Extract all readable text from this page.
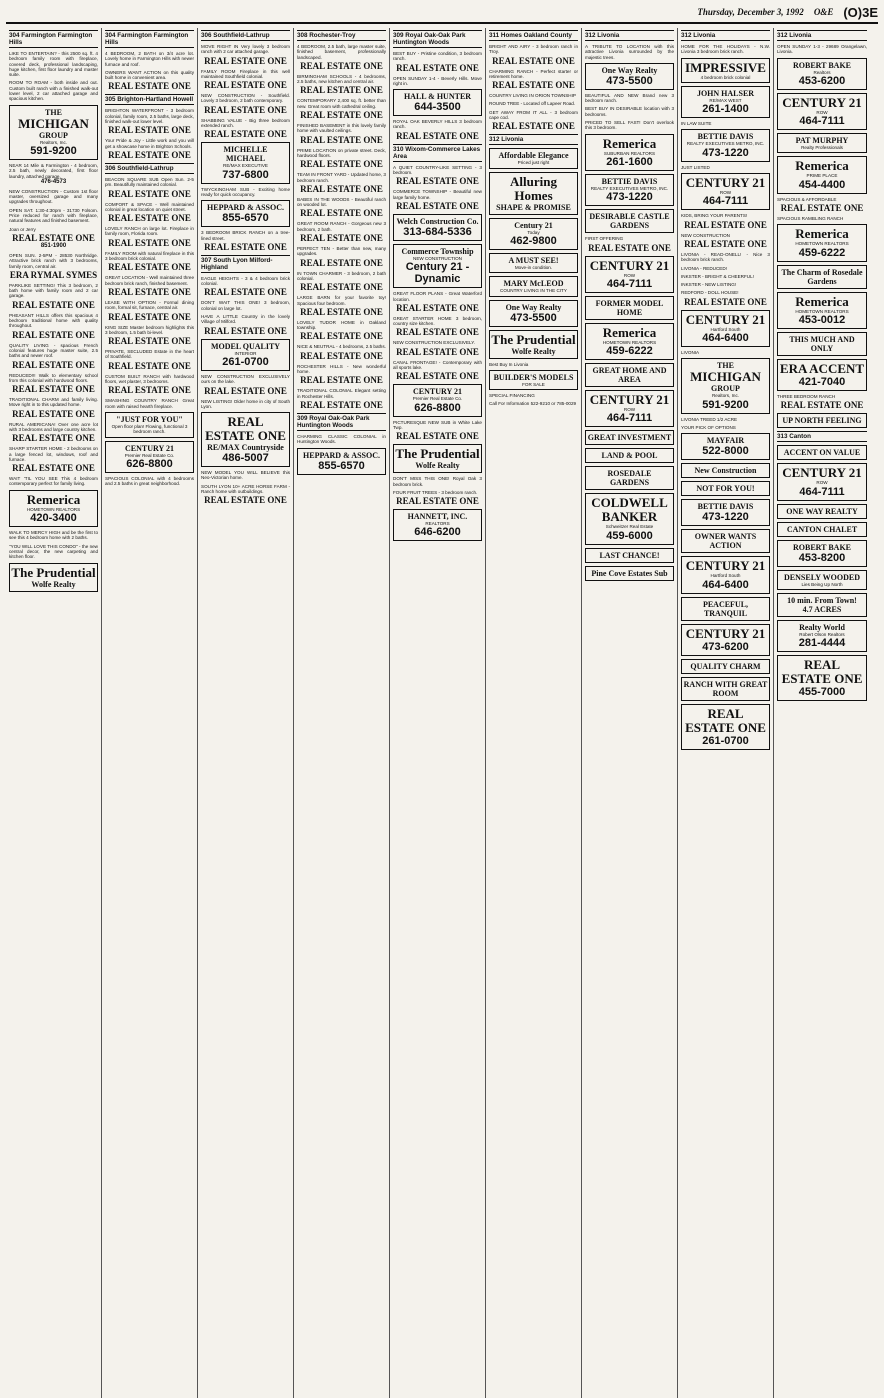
Thursday, December 3, 1992 O&E (O)3E
304 Farmington Farmington Hills
LIKE TO ENTERTAIN? - this 2500 sq. ft. 4 bedroom family room with fireplace, covered deck, professional landscaping, huge kitchen, first floor laundry and master suite.
ROOM TO ROAM - both inside and out. Custom built ranch with a finished walk-out lower level, 2 car attached garage and spacious kitchen.
THE
MICHIGAN
GROUP
Realtors, Inc.
591-9200
NEAR 14 Mile & Farmington - 4 bedroom, 2.5 bath, newly decorated, first floor laundry, attached garage.
476-4573
NEW CONSTRUCTION - Custom 1st floor master, oversized garage and many upgrades throughout.
OPEN SAT. 1:30-4:30pm - 31730 Folsom. Price reduced for ranch with fireplace, natural features and finished basement.
Joan or Jerry
REAL ESTATE ONE
851-1900
OPEN SUN. 2-5PM - 28530 Northridge. Attractive brick ranch with 3 bedrooms, family room, central air.
ERA RYMAL SYMES
PARKLIKE SETTING! This 3 bedroom, 2 bath home with family room and 2 car garage.
REAL ESTATE ONE
PHEASANT HILLS offers this spacious 4 bedroom traditional home with quality throughout.
REAL ESTATE ONE
QUALITY LIVING - spacious French colonial features huge master suite, 2.5 baths and newer roof.
REAL ESTATE ONE
REDUCED!!! Walk to elementary school from this colonial with hardwood floors.
REAL ESTATE ONE
TRADITIONAL CHARM and family living. Move right in to this updated home.
REAL ESTATE ONE
RURAL AMERICANA! Over one acre lot with 3 bedrooms and large country kitchen.
REAL ESTATE ONE
SHARP STARTER HOME - 2 bedrooms on a large fenced lot, windows, roof and furnace.
REAL ESTATE ONE
WAIT 'TIL YOU SEE This 4 bedroom contemporary perfect for family living.
Remerica
HOMETOWN REALTORS
420-3400
WALK TO MERCY HIGH and be the first to see this 4 bedroom home with 2 baths.
"YOU WILL LOVE THIS CONDO" - the new central decor, the new carpeting and kitchen floor.
The Prudential
Wolfe Realty
304 Farmington Farmington Hills
4 BEDROOM, 2 BATH on 3/4 acre lot. Lovely home in Farmington Hills with newer furnace and roof.
OWNERS WANT ACTION on this quality built home in convenient area.
REAL ESTATE ONE
305 Brighton-Hartland Howell
BRIGHTON WATERFRONT - 3 bedroom colonial, family room, 2.5 baths, large deck, finished walk-out lower level.
REAL ESTATE ONE
Your Pride & Joy - Little work and you will get a showcase home in Brighton Schools.
REAL ESTATE ONE
306 Southfield-Lathrup
BEACON SQUARE SUB Open Sun. 2-5 pm. Beautifully maintained colonial.
REAL ESTATE ONE
COMFORT & SPACE - Well maintained colonial in great location on quiet street.
REAL ESTATE ONE
LOVELY RANCH on large lot. Fireplace in family room, Florida room.
REAL ESTATE ONE
FAMILY ROOM with natural fireplace in this 3 bedroom brick colonial.
REAL ESTATE ONE
GREAT LOCATION - Well maintained three bedroom brick ranch, finished basement.
REAL ESTATE ONE
LEASE WITH OPTION - Formal dining room, formal sit, furnace, central air.
REAL ESTATE ONE
KING SIZE Master bedroom highlights this 3 bedroom, 1.5 bath bi-level.
REAL ESTATE ONE
PRIVATE, SECLUDED Estate in the heart of Southfield.
REAL ESTATE ONE
CUSTOM BUILT RANCH with hardwood floors, wet plaster, 3 bedrooms.
REAL ESTATE ONE
SMASHING COUNTRY RANCH Great room with raised hearth fireplace.
"JUST FOR YOU"
Open floor plan! Flowing, functional 3 bedroom ranch.
CENTURY 21
Premier Real Estate Co.
626-8800
SPACIOUS COLONIAL with 4 bedrooms and 2.5 baths in great neighborhood.
306 Southfield-Lathrup
MOVE RIGHT IN Very lovely 3 bedroom ranch with 2 car attached garage.
REAL ESTATE ONE
FAMILY ROOM Fireplace in this well maintained Southfield colonial.
REAL ESTATE ONE
NEW CONSTRUCTION - Southfield. Lovely 3 bedroom, 2 bath contemporary.
REAL ESTATE ONE
SHABBING VALUE - Big three bedroom extended ranch.
REAL ESTATE ONE
MICHELLE MICHAEL
RE/MAX EXECUTIVE
737-6800
TWYCKINGHAM SUB - Exciting home ready for quick occupancy.
HEPPARD & ASSOC.
855-6570
3 BEDROOM BRICK RANCH on a tree-lined street.
REAL ESTATE ONE
307 South Lyon Milford-Highland
EAGLE HEIGHTS - 3 & 4 bedroom brick colonial.
REAL ESTATE ONE
DON'T WAIT THIS ONE! 3 bedroom, colonial on large lot.
HAVE A LITTLE Country in the lovely Village of Milford.
REAL ESTATE ONE
MODEL QUALITY
INTERIOR
261-0700
NEW CONSTRUCTION EXCLUSIVELY ours on the lake.
REAL ESTATE ONE
NEW LISTING! Older home in city of South Lyon.
REAL ESTATE ONE
RE/MAX Countryside
486-5007
NEW MODEL YOU WILL BELIEVE this Neo-Victorian home.
SOUTH LYON 10+ ACRE HORSE FARM - Ranch home with outbuildings.
REAL ESTATE ONE
308 Rochester-Troy
4 BEDROOM, 2.5 bath, large master suite, finished basement, professionally landscaped.
REAL ESTATE ONE
BIRMINGHAM SCHOOLS - 4 bedrooms, 2.5 baths, new kitchen and central air.
REAL ESTATE ONE
CONTEMPORARY 2,400 sq. ft. better than new. Great room with cathedral ceiling.
REAL ESTATE ONE
FINISHED BASEMENT in this lovely family home with vaulted ceilings.
REAL ESTATE ONE
PRIME LOCATION on private street. Deck, hardwood floors.
REAL ESTATE ONE
TEAM IN FRONT YARD - Updated home, 3 bedroom ranch.
REAL ESTATE ONE
BABES IN THE WOODS - Beautiful ranch on wooded lot.
REAL ESTATE ONE
GREAT ROOM RANCH - Gorgeous new 3 bedroom, 2 bath.
REAL ESTATE ONE
PERFECT TEN - Better than new, many upgrades.
REAL ESTATE ONE
IN TOWN CHARMER - 3 bedroom, 2 bath colonial.
REAL ESTATE ONE
LARGE BARN for your favorite toy! Spacious four bedroom.
REAL ESTATE ONE
LOVELY TUDOR HOME in Oakland township.
REAL ESTATE ONE
NICE & NEUTRAL - 4 bedrooms, 2.5 baths.
REAL ESTATE ONE
ROCHESTER HILLS - New wonderful home.
REAL ESTATE ONE
TRADITIONAL COLONIAL Elegant setting in Rochester Hills.
REAL ESTATE ONE
309 Royal Oak-Oak Park Huntington Woods
CHARMING CLASSIC COLONIAL in Huntington Woods.
HEPPARD & ASSOC.
855-6570
309 Royal Oak-Oak Park Huntington Woods
BEST BUY - Pristine condition, 3 bedroom ranch.
REAL ESTATE ONE
OPEN SUNDAY 1-4 - Beverly Hills. Move right in.
HALL & HUNTER
644-3500
ROYAL OAK BEVERLY HILLS 3 bedroom ranch.
REAL ESTATE ONE
310 Wixom-Commerce Lakes Area
A QUIET COUNTRY-LIKE SETTING - 3 bedroom.
REAL ESTATE ONE
COMMERCE TOWNSHIP - Beautiful new large family home.
REAL ESTATE ONE
Welch Construction Co.
313-684-5336
Commerce Township
NEW CONSTRUCTION
Century 21 - Dynamic
GREAT FLOOR PLANS - Great Waterford location.
REAL ESTATE ONE
GREAT STARTER HOME 3 bedroom, country size kitchen.
REAL ESTATE ONE
NEW CONSTRUCTION EXCLUSIVELY.
REAL ESTATE ONE
CANAL FRONTAGE! - Contemporary with all sports lake.
REAL ESTATE ONE
CENTURY 21
Premier Real Estate Co.
626-8800
PICTURESQUE NEW SUB in White Lake Twp.
REAL ESTATE ONE
The Prudential
Wolfe Realty
DON'T MISS THIS ONE! Royal Oak 3 bedroom brick.
FOUR FRUIT TREES - 3 bedroom ranch.
REAL ESTATE ONE
HANNETT, INC.
REALTORS
646-6200
311 Homes Oakland County
BRIGHT AND AIRY - 3 bedroom ranch in Troy.
REAL ESTATE ONE
CHARMING RANCH - Perfect starter or retirement home.
REAL ESTATE ONE
COUNTRY LIVING IN ORION TOWNSHIP
ROUND TREE - Located off Lapeer Road.
GET AWAY FROM IT ALL - 3 bedroom cape cod.
REAL ESTATE ONE
312 Livonia
Affordable Elegance
Priced just right
Alluring Homes
SHAPE & PROMISE
Century 21
Today
462-9800
A MUST SEE!
Move-in condition.
MARY McLEOD
COUNTRY LIVING IN THE CITY
One Way Realty
473-5500
The Prudential
Wolfe Realty
Best Buy In Livonia
BUILDER'S MODELS
FOR SALE
SPECIAL FINANCING
Call For Information 522-9210 or 785-0029
312 Livonia
A TRIBUTE TO LOCATION with this attractive Livonia surrounded by the majestic trees.
One Way Realty
473-5500
BEAUTIFUL AND NEW Brand new 3 bedroom ranch.
BEST BUY IN DESIRABLE location with 3 bedrooms.
PRICED TO SELL FAST! Don't overlook this 3 bedroom.
Remerica
SUBURBAN REALTORS
261-1600
BETTIE DAVIS
REALTY EXECUTIVES METRO, INC.
473-1220
DESIRABLE CASTLE GARDENS
FIRST OFFERING
REAL ESTATE ONE
CENTURY 21
ROW
464-7111
FORMER MODEL HOME
Remerica
HOMETOWN REALTORS
459-6222
GREAT HOME AND AREA
CENTURY 21
ROW
464-7111
GREAT INVESTMENT
LAND & POOL
ROSEDALE GARDENS
COLDWELL BANKER
Schweitzer Real Estate
459-6000
LAST CHANCE!
Pine Cove Estates Sub
312 Livonia
HOME FOR THE HOLIDAYS - N.W. Livonia 3 bedroom brick ranch.
IMPRESSIVE
4 bedroom brick colonial
JOHN HALSER
RE/MAX WEST
261-1400
IN LAW SUITE
BETTIE DAVIS
REALTY EXECUTIVES METRO, INC.
473-1220
JUST LISTED
CENTURY 21
ROW
464-7111
KIDS, BRING YOUR PARENTS!
REAL ESTATE ONE
NEW CONSTRUCTION
REAL ESTATE ONE
LIVONIA - READ-ONELL! - Nice 3 bedroom brick ranch.
LIVONIA - REDUCED!
INKSTER - BRIGHT & CHEERFUL!
INKSTER - NEW LISTING!
REDFORD - DOLL HOUSE!
REAL ESTATE ONE
CENTURY 21
Hartford South
464-6400
LIVONIA
THE
MICHIGAN
GROUP
Realtors, Inc.
591-9200
LIVONIA TREED 1/2 ACRE
YOUR PICK OF OPTIONS
MAYFAIR
522-8000
New Construction
NOT FOR YOU!
BETTIE DAVIS
473-1220
OWNER WANTS ACTION
CENTURY 21
Hartford South
464-6400
PEACEFUL, TRANQUIL
CENTURY 21
473-6200
QUALITY CHARM
RANCH WITH GREAT ROOM
REAL ESTATE ONE
261-0700
312 Livonia
OPEN SUNDAY 1-3 - 29689 Orangelawn, Livonia.
ROBERT BAKE
Realtors
453-6200
CENTURY 21
ROW
464-7111
PAT MURPHY
Realty Professionals
Remerica
PRIME PLACE
454-4400
SPACIOUS & AFFORDABLE
REAL ESTATE ONE
SPACIOUS RAMBLING RANCH
Remerica
HOMETOWN REALTORS
459-6222
The Charm of Rosedale Gardens
Remerica
HOMETOWN REALTORS
453-0012
THIS MUCH AND ONLY
ERA ACCENT
421-7040
THREE BEDROOM RANCH
REAL ESTATE ONE
UP NORTH FEELING
313 Canton
ACCENT ON VALUE
CENTURY 21
ROW
464-7111
ONE WAY REALTY
CANTON CHALET
ROBERT BAKE
453-8200
DENSELY WOODED
Lies Being Up North
10 min. From Town!
4.7 ACRES
Realty World
Robert Olson Realtors
281-4444
REAL ESTATE ONE
455-7000
